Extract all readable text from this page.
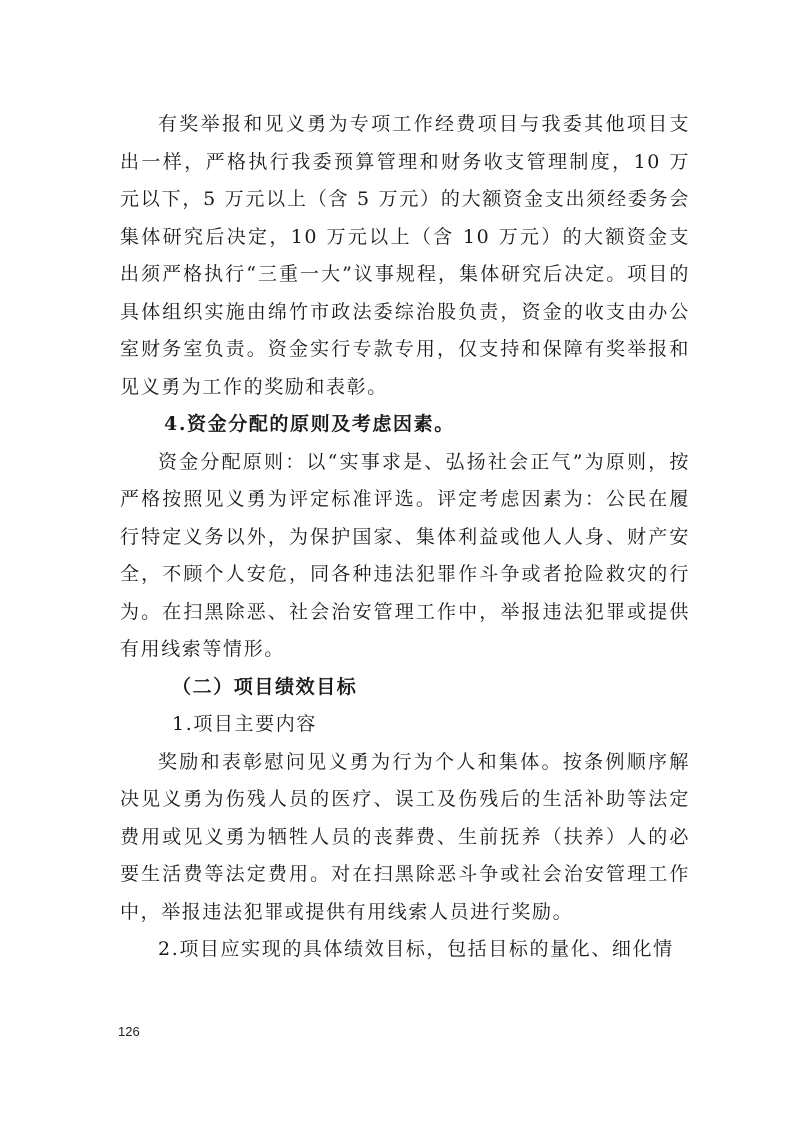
有奖举报和见义勇为专项工作经费项目与我委其他项目支出一样，严格执行我委预算管理和财务收支管理制度，10 万元以下，5 万元以上（含 5 万元）的大额资金支出须经委务会集体研究后决定，10 万元以上（含 10 万元）的大额资金支出须严格执行“三重一大”议事规程，集体研究后决定。项目的具体组织实施由绵竹市政法委综治股负责，资金的收支由办公室财务室负责。资金实行专款专用，仅支持和保障有奖举报和见义勇为工作的奖励和表彰。

4.资金分配的原则及考虑因素。

资金分配原则：以“实事求是、弘扬社会正气”为原则，按严格按照见义勇为评定标准评选。评定考虑因素为：公民在履行特定义务以外，为保护国家、集体利益或他人人身、财产安全，不顾个人安危，同各种违法犯罪作斗争或者抢险救灾的行为。在扫黑除恶、社会治安管理工作中，举报违法犯罪或提供有用线索等情形。

（二）项目绩效目标

1.项目主要内容

奖励和表彰慰问见义勇为行为个人和集体。按条例顺序解决见义勇为伤残人员的医疗、误工及伤残后的生活补助等法定费用或见义勇为牺牲人员的丧葬费、生前抚养（扶养）人的必要生活费等法定费用。对在扫黑除恶斗争或社会治安管理工作中，举报违法犯罪或提供有用线索人员进行奖励。

2.项目应实现的具体绩效目标，包括目标的量化、细化情

126
